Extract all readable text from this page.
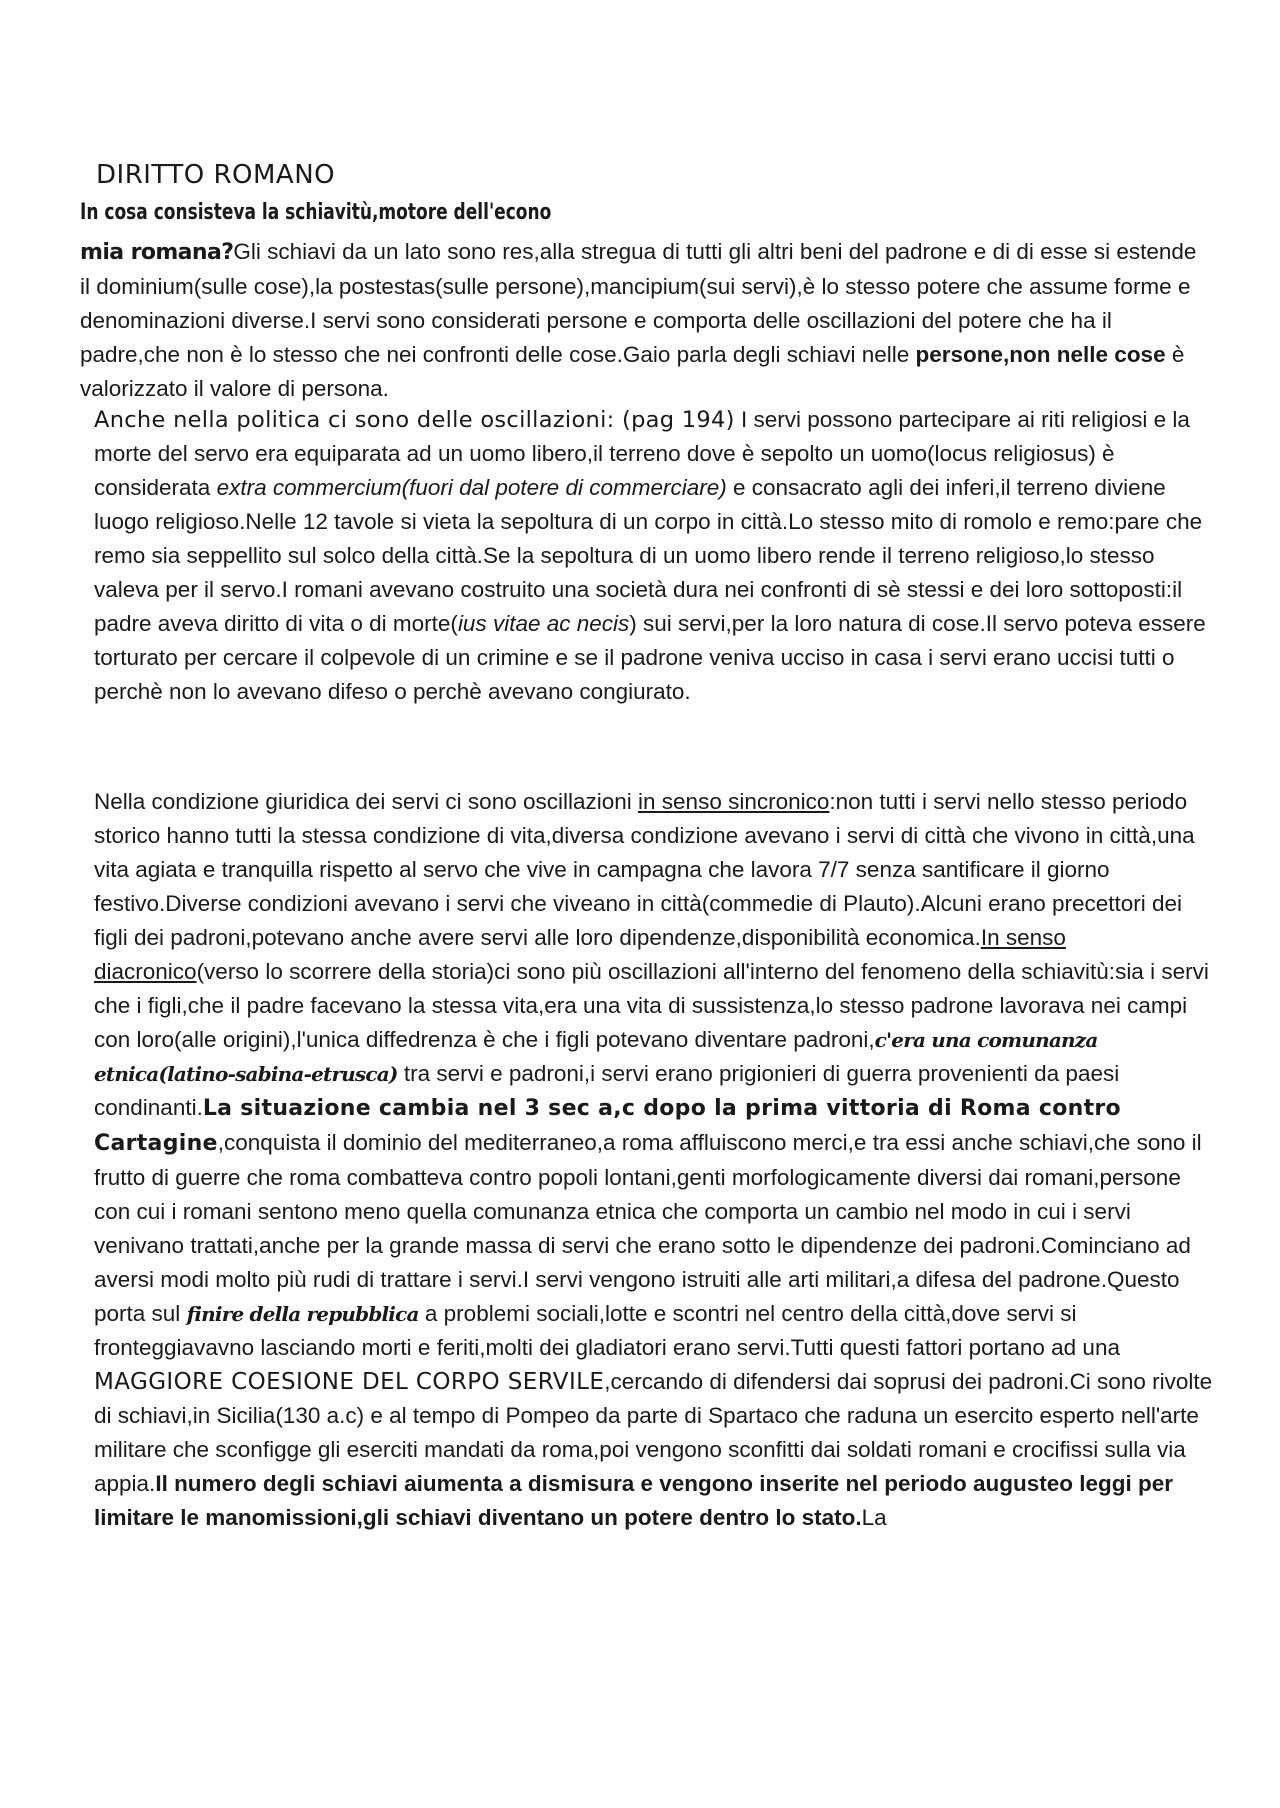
DIRITTO ROMANO
In cosa consisteva la schiavitù,motore dell'econo
mia romana?Gli schiavi da un lato sono res,alla stregua di tutti gli altri beni del padrone e di di esse si estende il dominium(sulle cose),la postestas(sulle persone),mancipium(sui servi),è lo stesso potere che assume forme e denominazioni diverse.I servi sono considerati persone e comporta delle oscillazioni del potere che ha il padre,che non è lo stesso che nei confronti delle cose.Gaio parla degli schiavi nelle persone,non nelle cose è valorizzato il valore di persona.
Anche nella politica ci sono delle oscillazioni: (pag 194) I servi possono partecipare ai riti religiosi e la morte del servo era equiparata ad un uomo libero,il terreno dove è sepolto un uomo(locus religiosus) è considerata extra commercium(fuori dal potere di commerciare) e consacrato agli dei inferi,il terreno diviene luogo religioso.Nelle 12 tavole si vieta la sepoltura di un corpo in città.Lo stesso mito di romolo e remo:pare che remo sia seppellito sul solco della città.Se la sepoltura di un uomo libero rende il terreno religioso,lo stesso valeva per il servo.I romani avevano costruito una società dura nei confronti di sè stessi e dei loro sottoposti:il padre aveva diritto di vita o di morte(ius vitae ac necis) sui servi,per la loro natura di cose.Il servo poteva essere torturato per cercare il colpevole di un crimine e se il padrone veniva ucciso in casa i servi erano uccisi tutti o perchè non lo avevano difeso o perchè avevano congiurato.
Nella condizione giuridica dei servi ci sono oscillazioni in senso sincronico:non tutti i servi nello stesso periodo storico hanno tutti la stessa condizione di vita,diversa condizione avevano i servi di città che vivono in città,una vita agiata e tranquilla rispetto al servo che vive in campagna che lavora 7/7 senza santificare il giorno festivo.Diverse condizioni avevano i servi che viveano in città(commedie di Plauto).Alcuni erano precettori dei figli dei padroni,potevano anche avere servi alle loro dipendenze,disponibilità economica.In senso diacronico(verso lo scorrere della storia)ci sono più oscillazioni all'interno del fenomeno della schiavitù:sia i servi che i figli,che il padre facevano la stessa vita,era una vita di sussistenza,lo stesso padrone lavorava nei campi con loro(alle origini),l'unica diffedrenza è che i figli potevano diventare padroni,c'era una comunanza etnica(latino-sabina-etrusca) tra servi e padroni,i servi erano prigionieri di guerra provenienti da paesi condinanti.La situazione cambia nel 3 sec a,c dopo la prima vittoria di Roma contro Cartagine,conquista il dominio del mediterraneo,a roma affluiscono merci,e tra essi anche schiavi,che sono il frutto di guerre che roma combatteva contro popoli lontani,genti morfologicamente diversi dai romani,persone con cui i romani sentono meno quella comunanza etnica che comporta un cambio nel modo in cui i servi venivano trattati,anche per la grande massa di servi che erano sotto le dipendenze dei padroni.Cominciano ad aversi modi molto più rudi di trattare i servi.I servi vengono istruiti alle arti militari,a difesa del padrone.Questo porta sul finire della repubblica a problemi sociali,lotte e scontri nel centro della città,dove servi si fronteggiavavno lasciando morti e feriti,molti dei gladiatori erano servi.Tutti questi fattori portano ad una MAGGIORE COESIONE DEL CORPO SERVILE,cercando di difendersi dai soprusi dei padroni.Ci sono rivolte di schiavi,in Sicilia(130 a.c) e al tempo di Pompeo da parte di Spartaco che raduna un esercito esperto nell'arte militare che sconfigge gli eserciti mandati da roma,poi vengono sconfitti dai soldati romani e crocifissi sulla via appia.Il numero degli schiavi aiumenta a dismisura e vengono inserite nel periodo augusteo leggi per limitare le manomissioni,gli schiavi diventano un potere dentro lo stato.La
